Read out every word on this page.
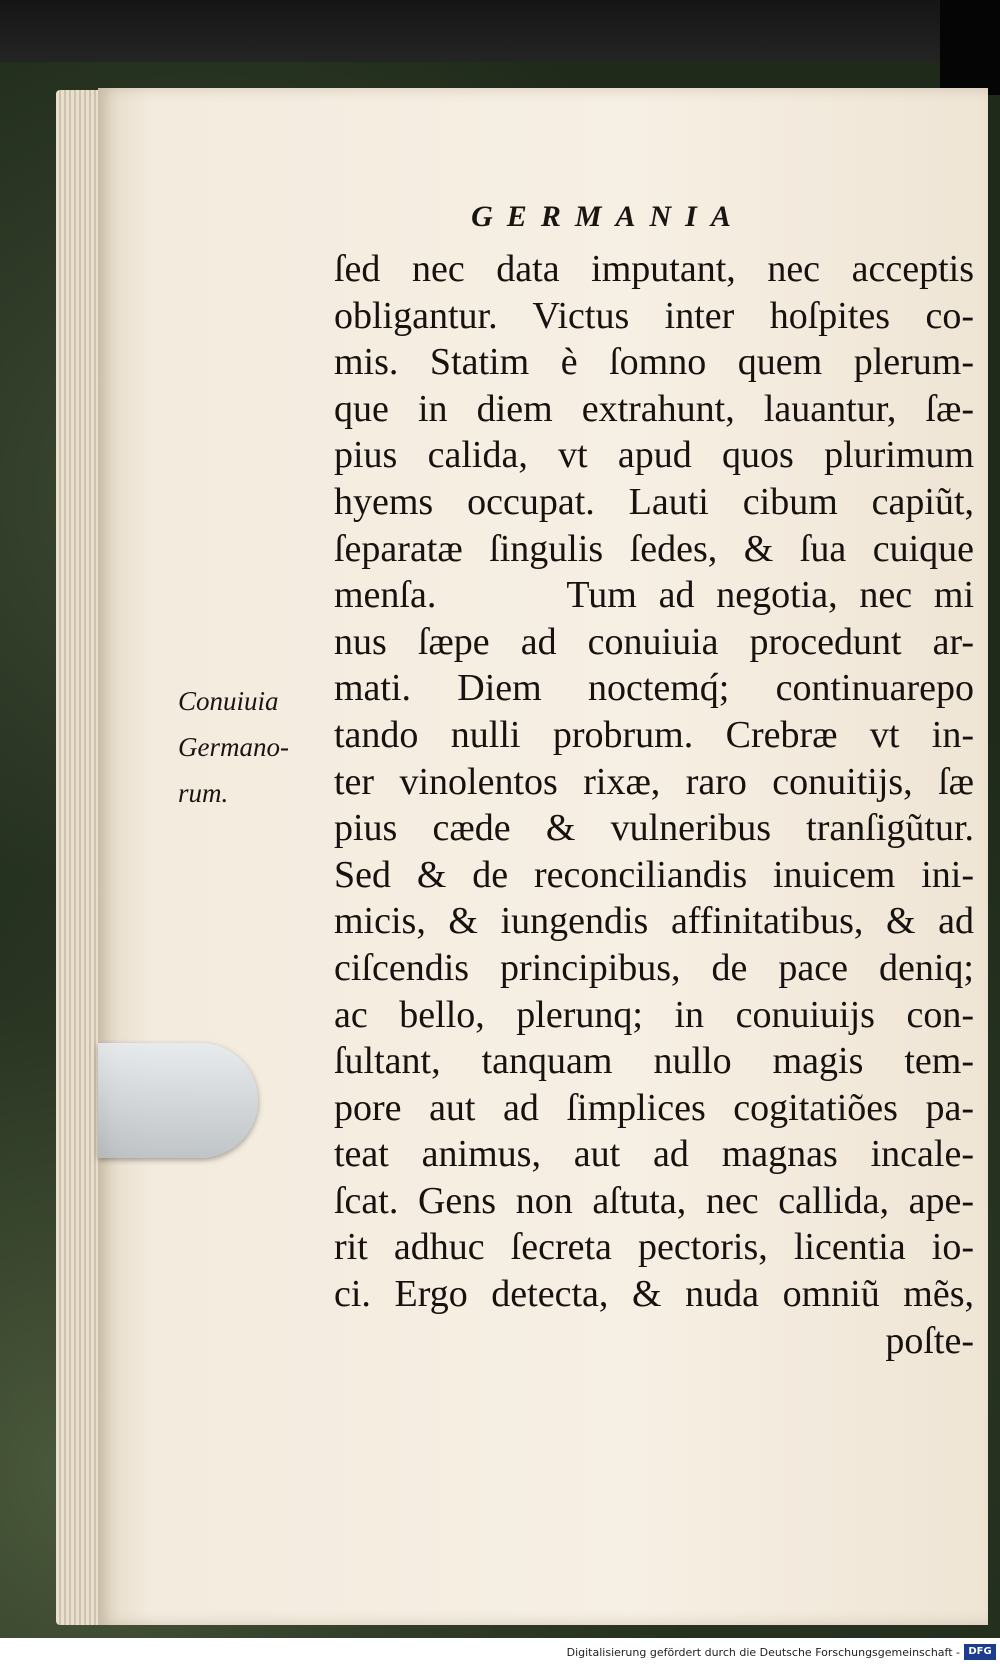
GERMANIA
Conuiuia
Germano-
rum.
ſed nec data imputant, nec acceptis
obligantur. Victus inter hoſpites co-
mis. Statim è ſomno quem plerum-
que in diem extrahunt, lauantur, ſæ-
pius calida, vt apud quos plurimum
hyems occupat. Lauti cibum capiũt,
ſeparatæ ſingulis ſedes, & ſua cuique
menſa.      Tum ad negotia, nec mi
nus ſæpe ad conuiuia procedunt ar-
mati. Diem noctemq́; continuarepo
tando nulli probrum. Crebræ vt in-
ter vinolentos rixæ, raro conuitijs, ſæ
pius cæde & vulneribus tranſigũtur.
Sed & de reconciliandis inuicem ini-
micis, & iungendis affinitatibus, & ad
ciſcendis principibus, de pace deniq;
ac bello, plerunq; in conuiuijs con-
ſultant, tanquam nullo magis tem-
pore aut ad ſimplices cogitatiões pa-
teat animus, aut ad magnas incale-
ſcat. Gens non aſtuta, nec callida, ape-
rit adhuc ſecreta pectoris, licentia io-
ci. Ergo detecta, & nuda omniũ mẽs,
poſte-
Digitalisierung gefördert durch die Deutsche Forschungsgemeinschaft - DFG
